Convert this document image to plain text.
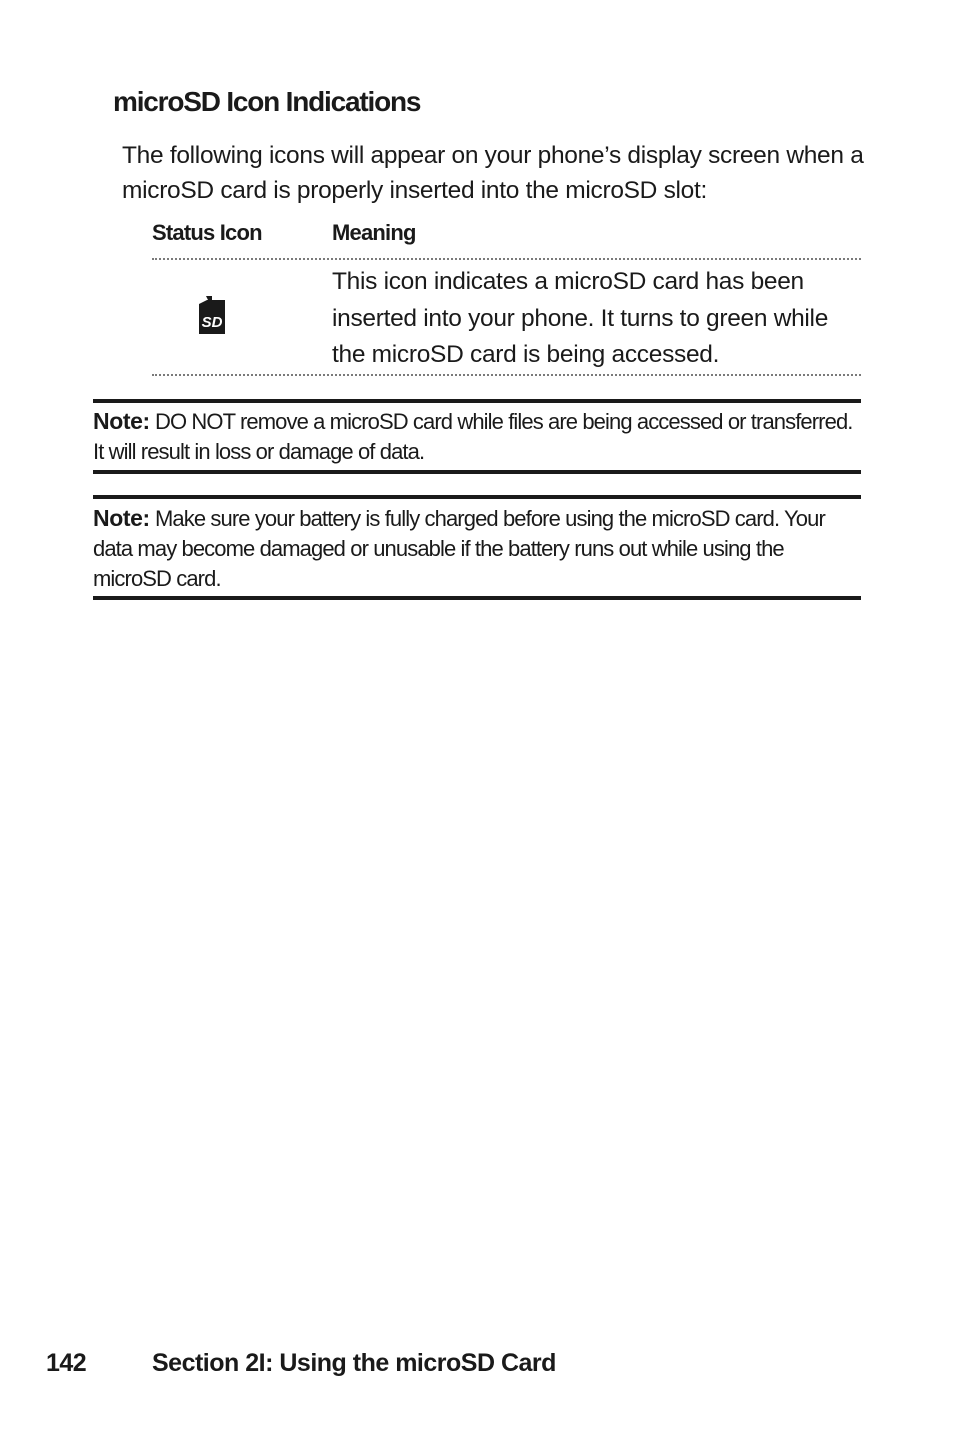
microSD Icon Indications

The following icons will appear on your phone’s display screen when a microSD card is properly inserted into the microSD slot:

Status Icon	Meaning
SD

This icon indicates a microSD card has been inserted into your phone. It turns to green while the microSD card is being accessed.

Note: DO NOT remove a microSD card while files are being accessed or transferred. It will result in loss or damage of data.

Note: Make sure your battery is fully charged before using the microSD card. Your data may become damaged or unusable if the battery runs out while using the microSD card.

142	Section 2I: Using the microSD Card
